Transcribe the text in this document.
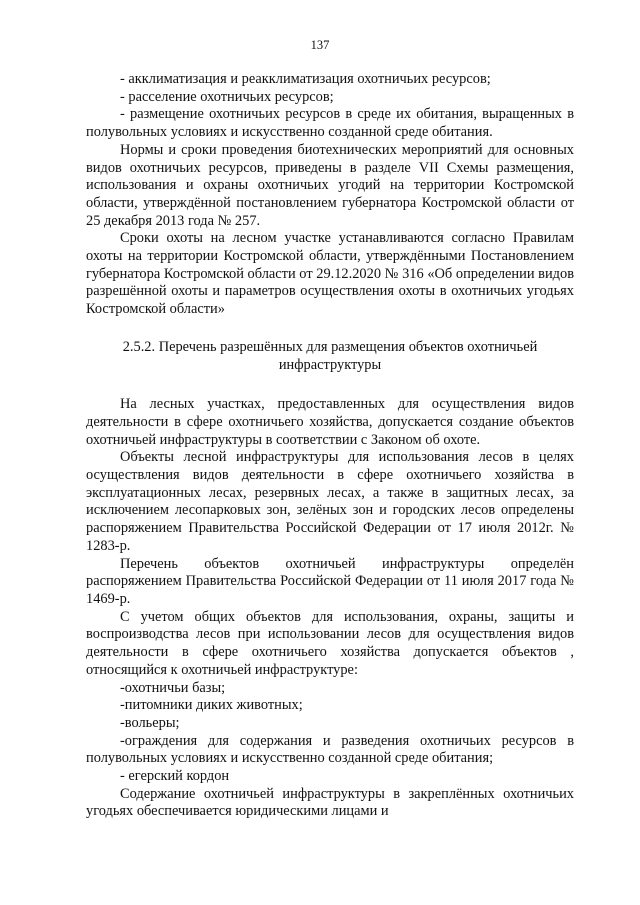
137

- акклиматизация и реакклиматизация охотничьих ресурсов;

- расселение охотничьих ресурсов;

- размещение охотничьих ресурсов в среде их обитания, выращенных в полувольных условиях и искусственно созданной среде обитания.

Нормы и сроки проведения биотехнических мероприятий для основных видов охотничьих ресурсов, приведены в разделе VII Схемы размещения, использования и охраны охотничьих угодий на территории Костромской области, утверждённой постановлением губернатора Костромской области от 25 декабря 2013 года № 257.

Сроки охоты на лесном участке устанавливаются согласно Правилам охоты на территории Костромской области, утверждёнными Постановлением губернатора Костромской области от 29.12.2020 № 316 «Об определении видов разрешённой охоты и параметров осуществления охоты в охотничьих угодьях Костромской области»

2.5.2. Перечень разрешённых для размещения объектов охотничьей инфраструктуры

На лесных участках, предоставленных для осуществления видов деятельности в сфере охотничьего хозяйства, допускается создание объектов охотничьей инфраструктуры в соответствии с Законом об охоте.

Объекты лесной инфраструктуры для использования лесов в целях осуществления видов деятельности в сфере охотничьего хозяйства в эксплуатационных лесах, резервных лесах, а также в защитных лесах, за исключением лесопарковых зон, зелёных зон и городских лесов определены распоряжением Правительства Российской Федерации от 17 июля 2012г. № 1283-р.

Перечень объектов охотничьей инфраструктуры определён распоряжением Правительства Российской Федерации от 11 июля 2017 года № 1469-р.

С учетом общих объектов для использования, охраны, защиты и воспроизводства лесов при использовании лесов для осуществления видов деятельности в сфере охотничьего хозяйства допускается объектов , относящийся к охотничьей инфраструктуре:

-охотничьи базы;

-питомники диких животных;

-вольеры;

-ограждения для содержания и разведения охотничьих ресурсов в полувольных условиях и искусственно созданной среде обитания;

- егерский кордон

Содержание охотничьей инфраструктуры в закреплённых охотничьих угодьях обеспечивается юридическими лицами и
